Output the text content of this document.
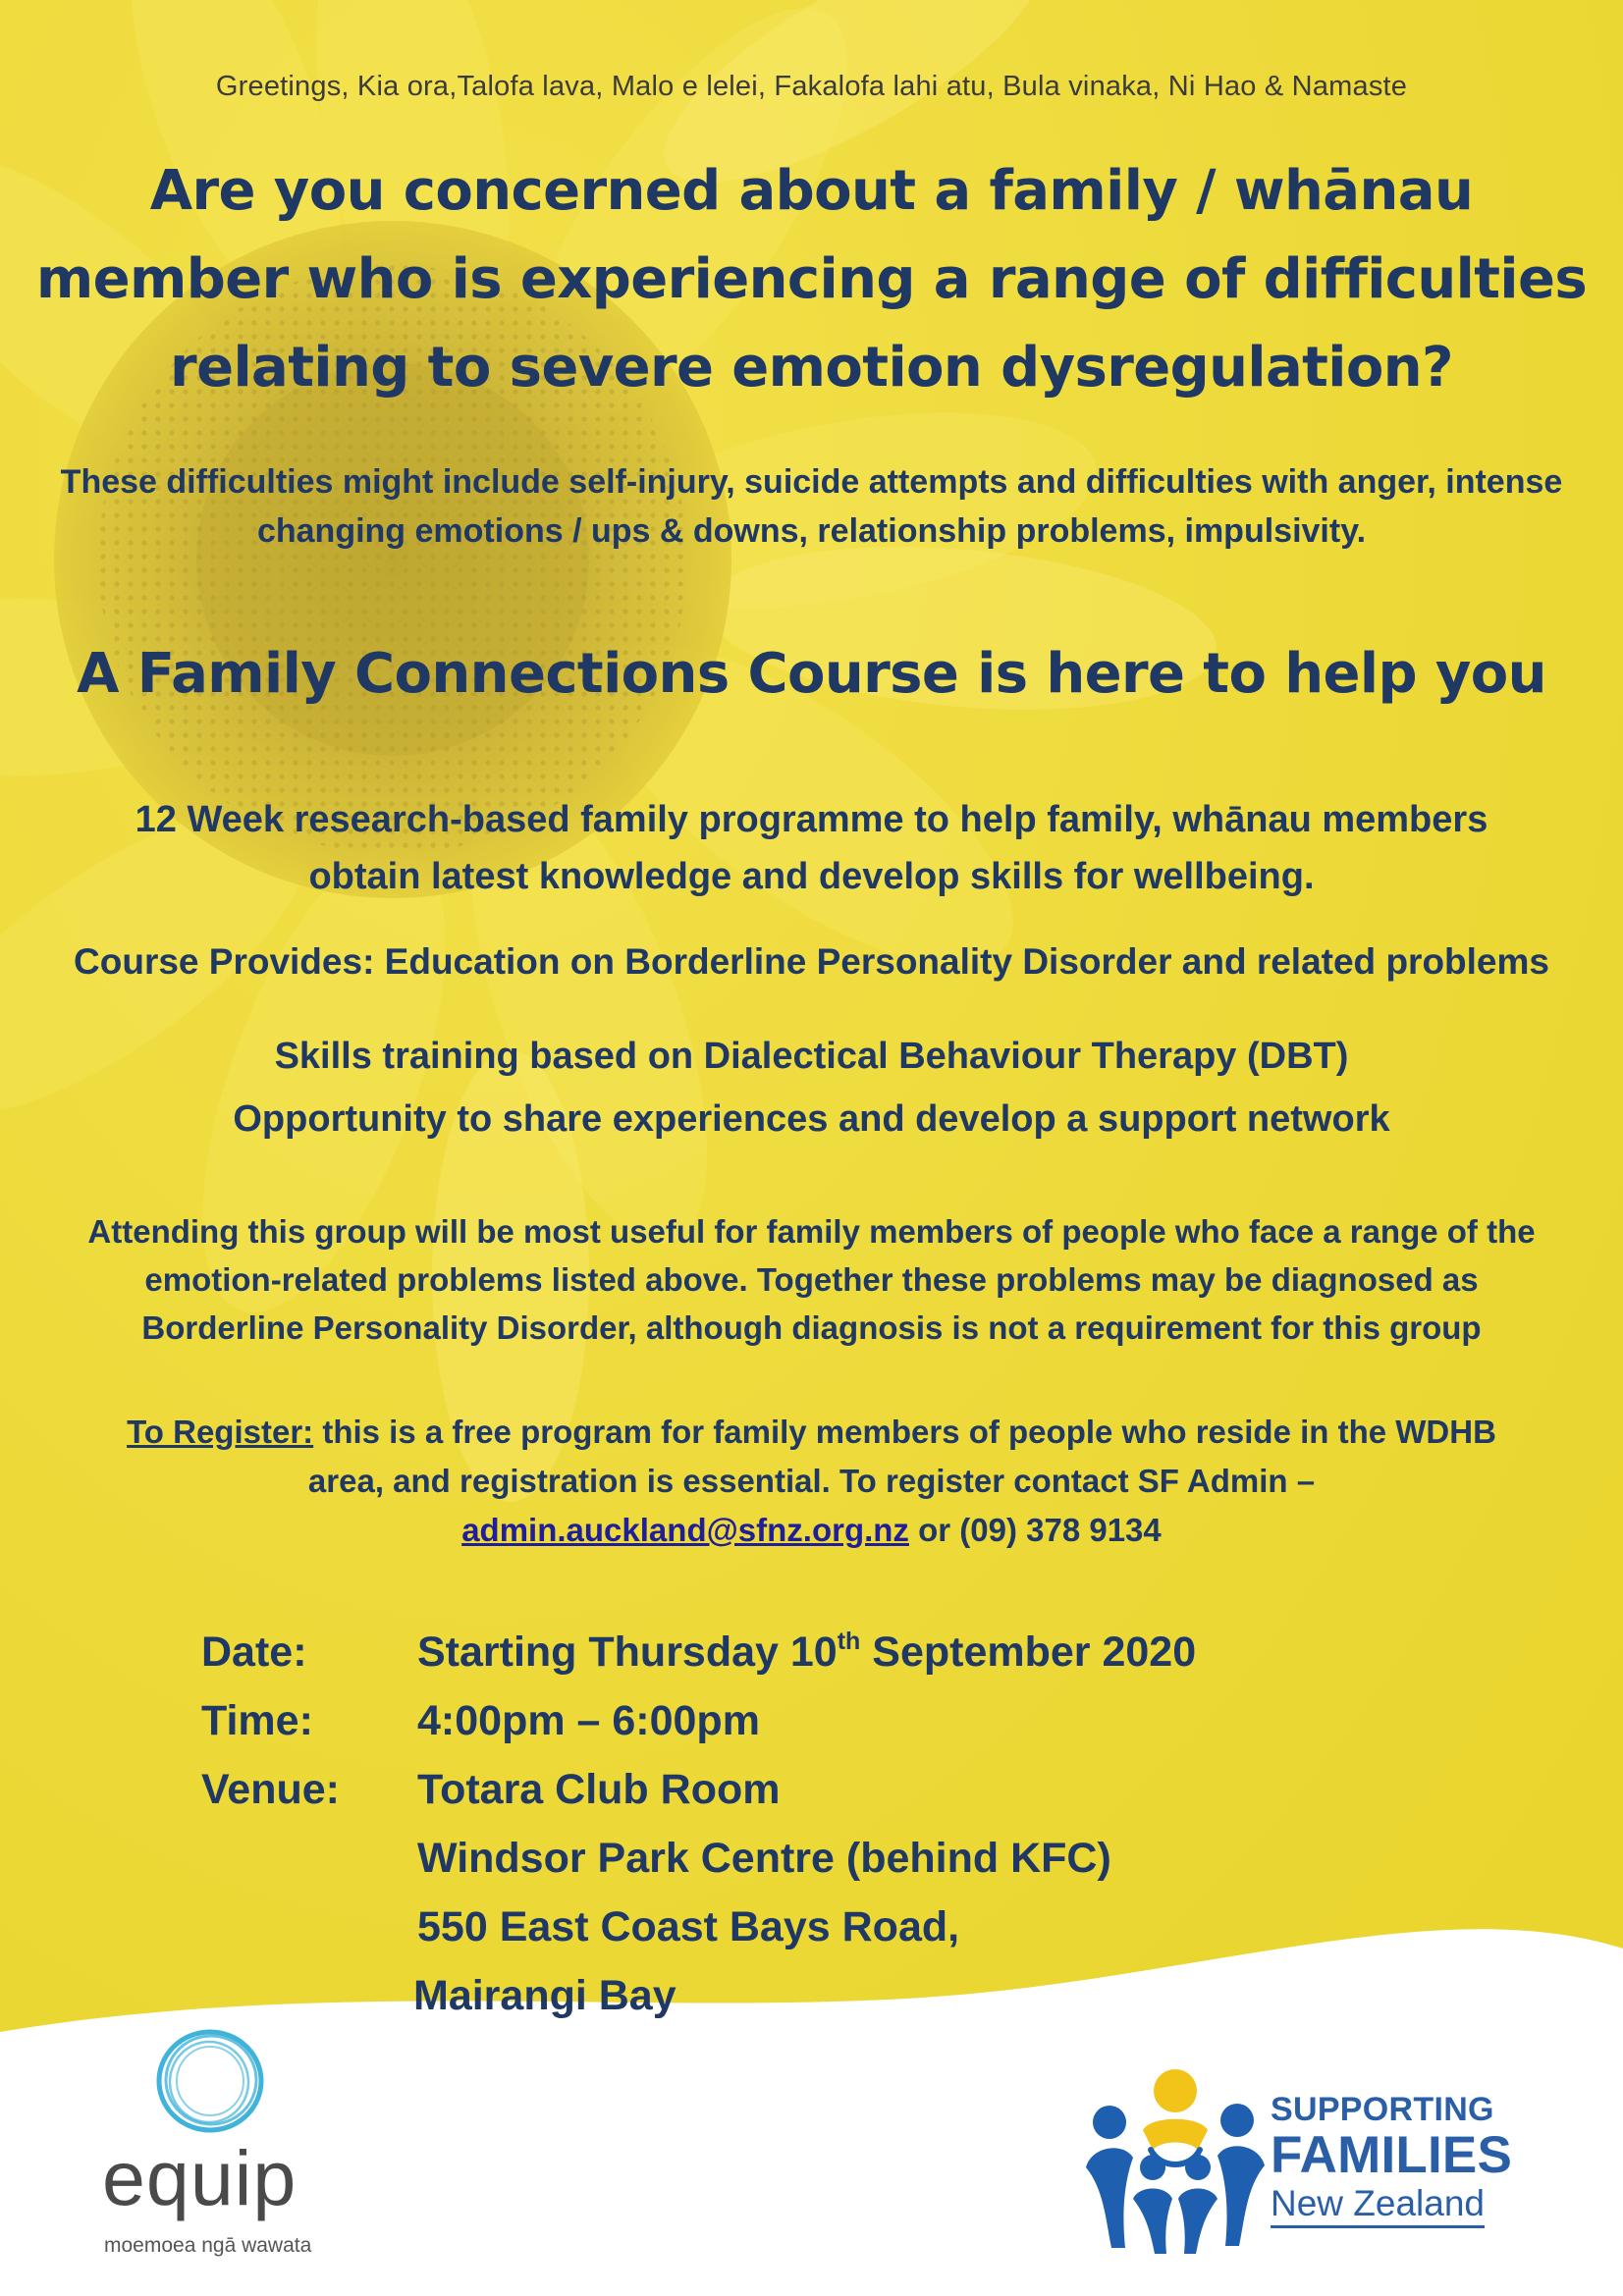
Greetings, Kia ora,Talofa lava, Malo e lelei, Fakalofa lahi atu, Bula vinaka, Ni Hao & Namaste
Are you concerned about a family / whānau
member who is experiencing a range of difficulties
relating to severe emotion dysregulation?
These difficulties might include self-injury, suicide attempts and difficulties with anger, intense
changing emotions / ups & downs, relationship problems, impulsivity.
A Family Connections Course is here to help you
12 Week research-based family programme to help family, whānau members
obtain latest knowledge and develop skills for wellbeing.
Course Provides: Education on Borderline Personality Disorder and related problems
Skills training based on Dialectical Behaviour Therapy (DBT)
Opportunity to share experiences and develop a support network
Attending this group will be most useful for family members of people who face a range of the
emotion-related problems listed above. Together these problems may be diagnosed as
Borderline Personality Disorder, although diagnosis is not a requirement for this group
To Register: this is a free program for family members of people who reside in the WDHB
area, and registration is essential. To register contact SF Admin –
admin.auckland@sfnz.org.nz or (09) 378 9134
Date:	Starting Thursday 10th September 2020
Time:	4:00pm – 6:00pm
Venue:	Totara Club Room
Windsor Park Centre (behind KFC)
550 East Coast Bays Road,
Mairangi Bay
equip
moemoea ngā wawata
SUPPORTING
FAMILIES
New Zealand
